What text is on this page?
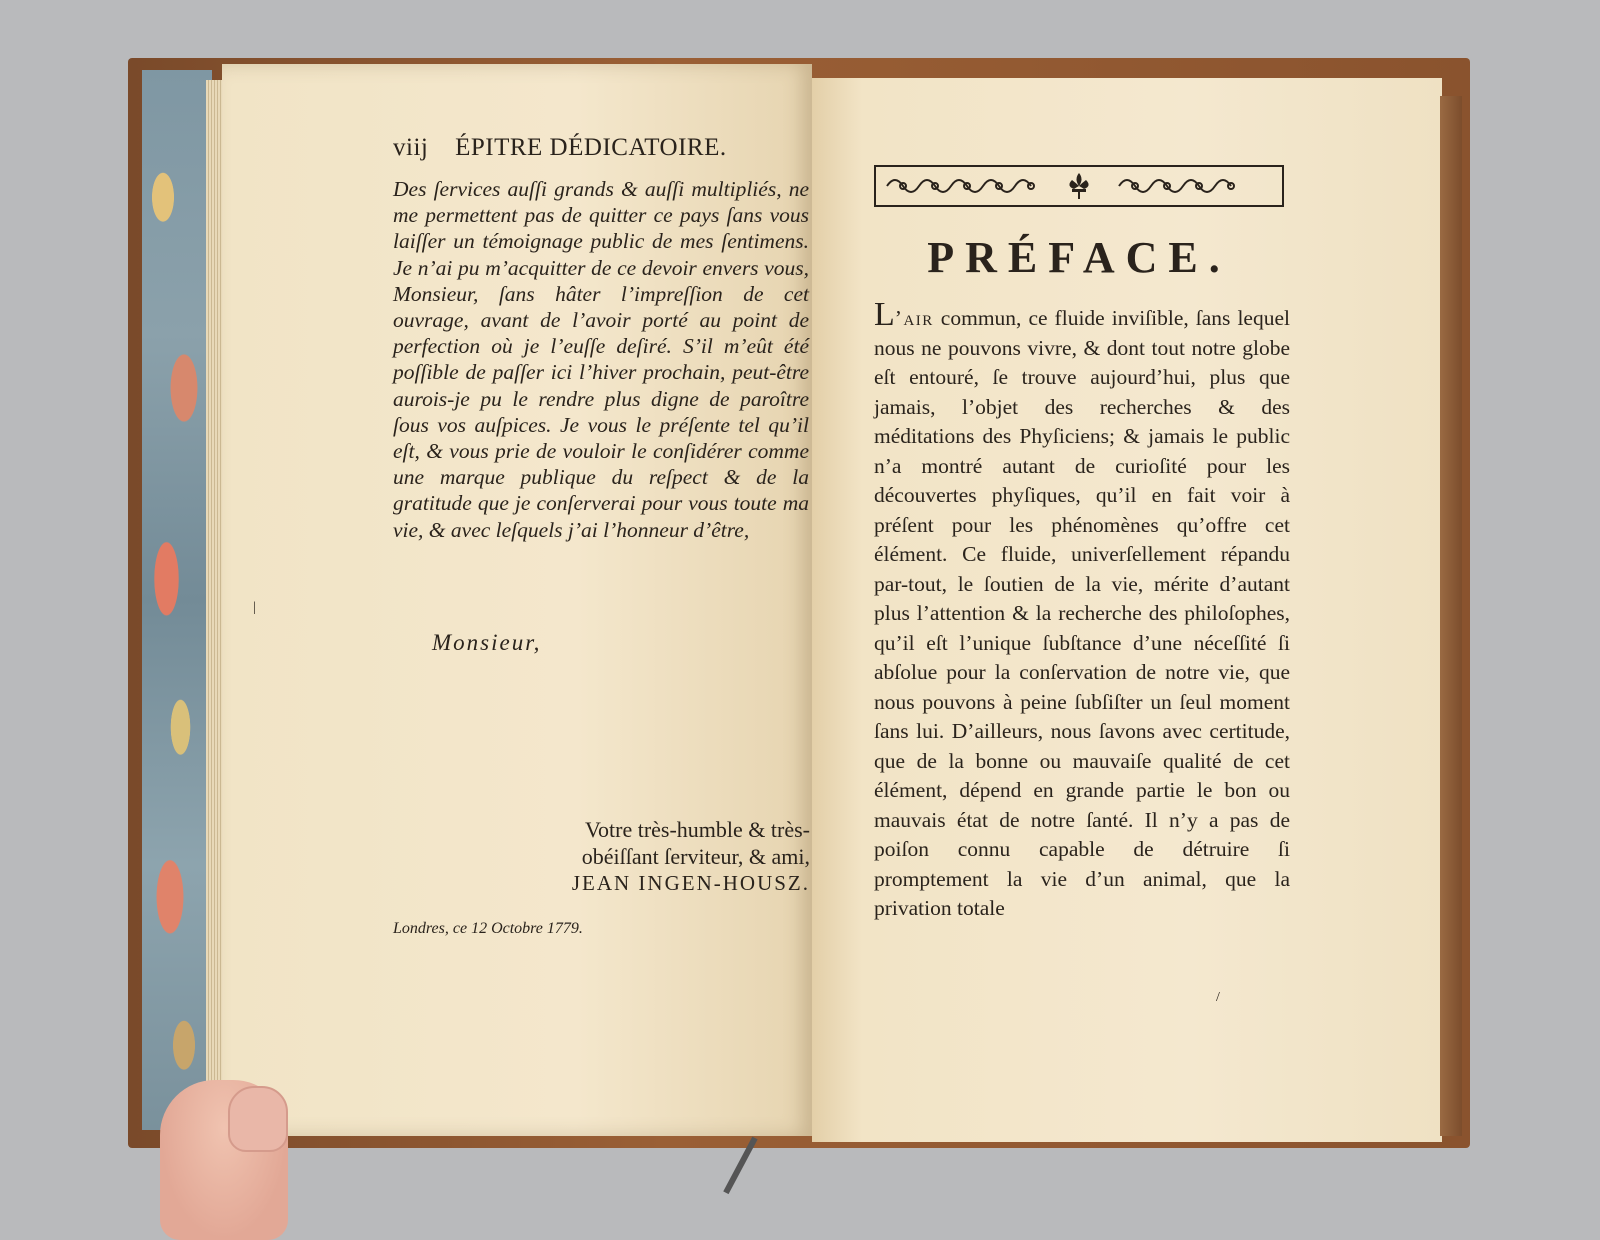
viij ÉPITRE DÉDICATOIRE.
Des ſervices auſſi grands & auſſi multipliés, ne me permettent pas de quitter ce pays ſans vous laiſſer un témoignage public de mes ſentimens. Je n’ai pu m’acquitter de ce devoir envers vous, Monsieur, ſans hâter l’impreſſion de cet ouvrage, avant de l’avoir porté au point de perfection où je l’euſſe deſiré. S’il m’eût été poſſible de paſſer ici l’hiver prochain, peut-être aurois-je pu le rendre plus digne de paroître ſous vos auſpices. Je vous le préſente tel qu’il eſt, & vous prie de vouloir le conſidérer comme une marque publique du reſpect & de la gratitude que je conſerverai pour vous toute ma vie, & avec leſquels j’ai l’honneur d’être,
Monsieur,
Votre très-humble & très-
obéiſſant ſerviteur, & ami,
JEAN INGEN-HOUSZ.
Londres, ce 12 Octobre 1779.
|
/
PRÉFACE.
L’air commun, ce fluide inviſible, ſans lequel nous ne pouvons vivre, & dont tout notre globe eſt entouré, ſe trouve aujourd’hui, plus que jamais, l’objet des recherches & des méditations des Phyſiciens; & jamais le public n’a montré autant de curioſité pour les découvertes phyſiques, qu’il en fait voir à préſent pour les phénomènes qu’offre cet élément. Ce fluide, univerſellement répandu par-tout, le ſoutien de la vie, mérite d’autant plus l’attention & la recherche des philoſophes, qu’il eſt l’unique ſubſtance d’une néceſſité ſi abſolue pour la conſervation de notre vie, que nous pouvons à peine ſubſiſter un ſeul moment ſans lui. D’ailleurs, nous ſavons avec certitude, que de la bonne ou mauvaiſe qualité de cet élément, dépend en grande partie le bon ou mauvais état de notre ſanté. Il n’y a pas de poiſon connu capable de détruire ſi promptement la vie d’un animal, que la privation totale
